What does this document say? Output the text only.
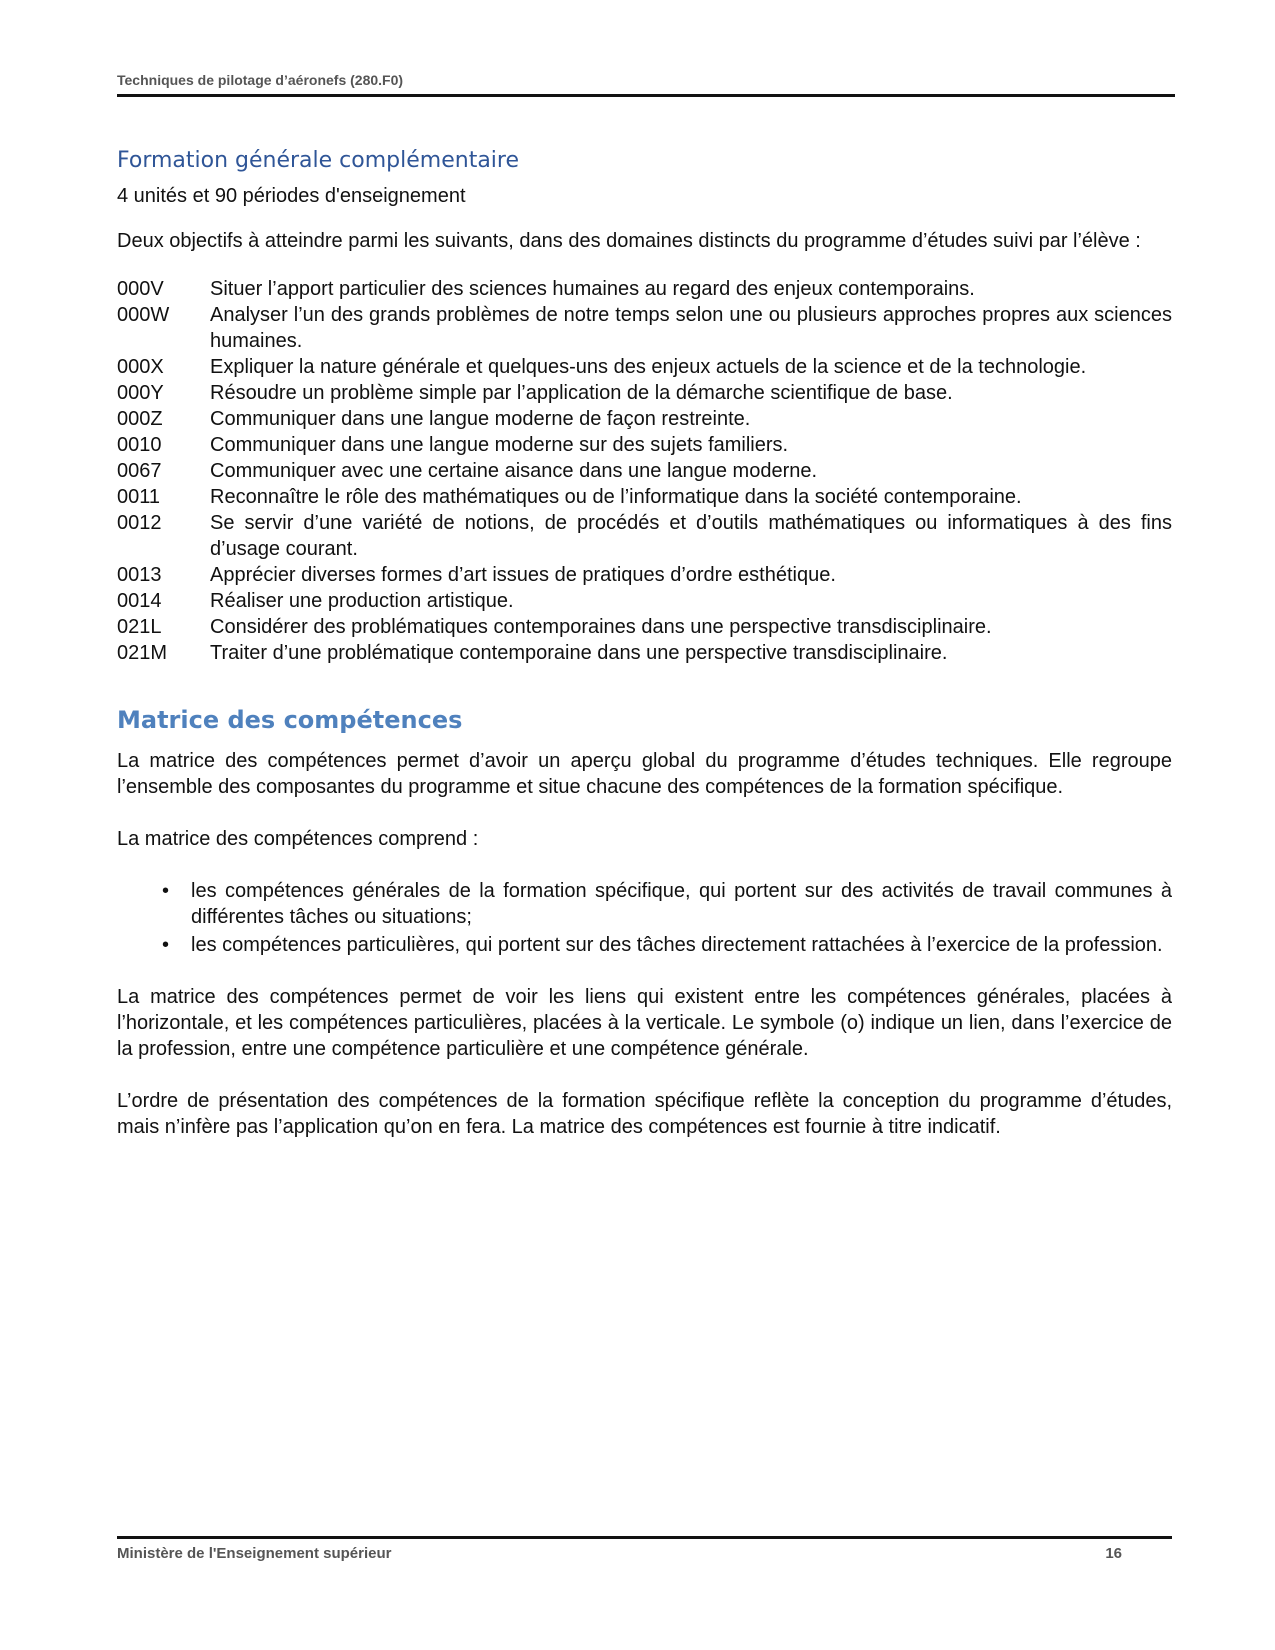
Techniques de pilotage d’aéronefs (280.F0)
Formation générale complémentaire
4 unités et 90 périodes d'enseignement

Deux objectifs à atteindre parmi les suivants, dans des domaines distincts du programme d’études suivi par l’élève :

000V	Situer l’apport particulier des sciences humaines au regard des enjeux contemporains.
000W	Analyser l’un des grands problèmes de notre temps selon une ou plusieurs approches propres aux sciences humaines.
000X	Expliquer la nature générale et quelques-uns des enjeux actuels de la science et de la technologie.
000Y	Résoudre un problème simple par l’application de la démarche scientifique de base.
000Z	Communiquer dans une langue moderne de façon restreinte.
0010	Communiquer dans une langue moderne sur des sujets familiers.
0067	Communiquer avec une certaine aisance dans une langue moderne.
0011	Reconnaître le rôle des mathématiques ou de l’informatique dans la société contemporaine.
0012	Se servir d’une variété de notions, de procédés et d’outils mathématiques ou informatiques à des fins d’usage courant.
0013	Apprécier diverses formes d’art issues de pratiques d’ordre esthétique.
0014	Réaliser une production artistique.
021L	Considérer des problématiques contemporaines dans une perspective transdisciplinaire.
021M	Traiter d’une problématique contemporaine dans une perspective transdisciplinaire.
Matrice des compétences

La matrice des compétences permet d’avoir un aperçu global du programme d’études techniques. Elle regroupe l’ensemble des composantes du programme et situe chacune des compétences de la formation spécifique.

La matrice des compétences comprend :

•	les compétences générales de la formation spécifique, qui portent sur des activités de travail communes à différentes tâches ou situations;
•	les compétences particulières, qui portent sur des tâches directement rattachées à l’exercice de la profession.

La matrice des compétences permet de voir les liens qui existent entre les compétences générales, placées à l’horizontale, et les compétences particulières, placées à la verticale. Le symbole (o) indique un lien, dans l’exercice de la profession, entre une compétence particulière et une compétence générale.

L’ordre de présentation des compétences de la formation spécifique reflète la conception du programme d’études, mais n’infère pas l’application qu’on en fera. La matrice des compétences est fournie à titre indicatif.

Ministère de l'Enseignement supérieur	16
